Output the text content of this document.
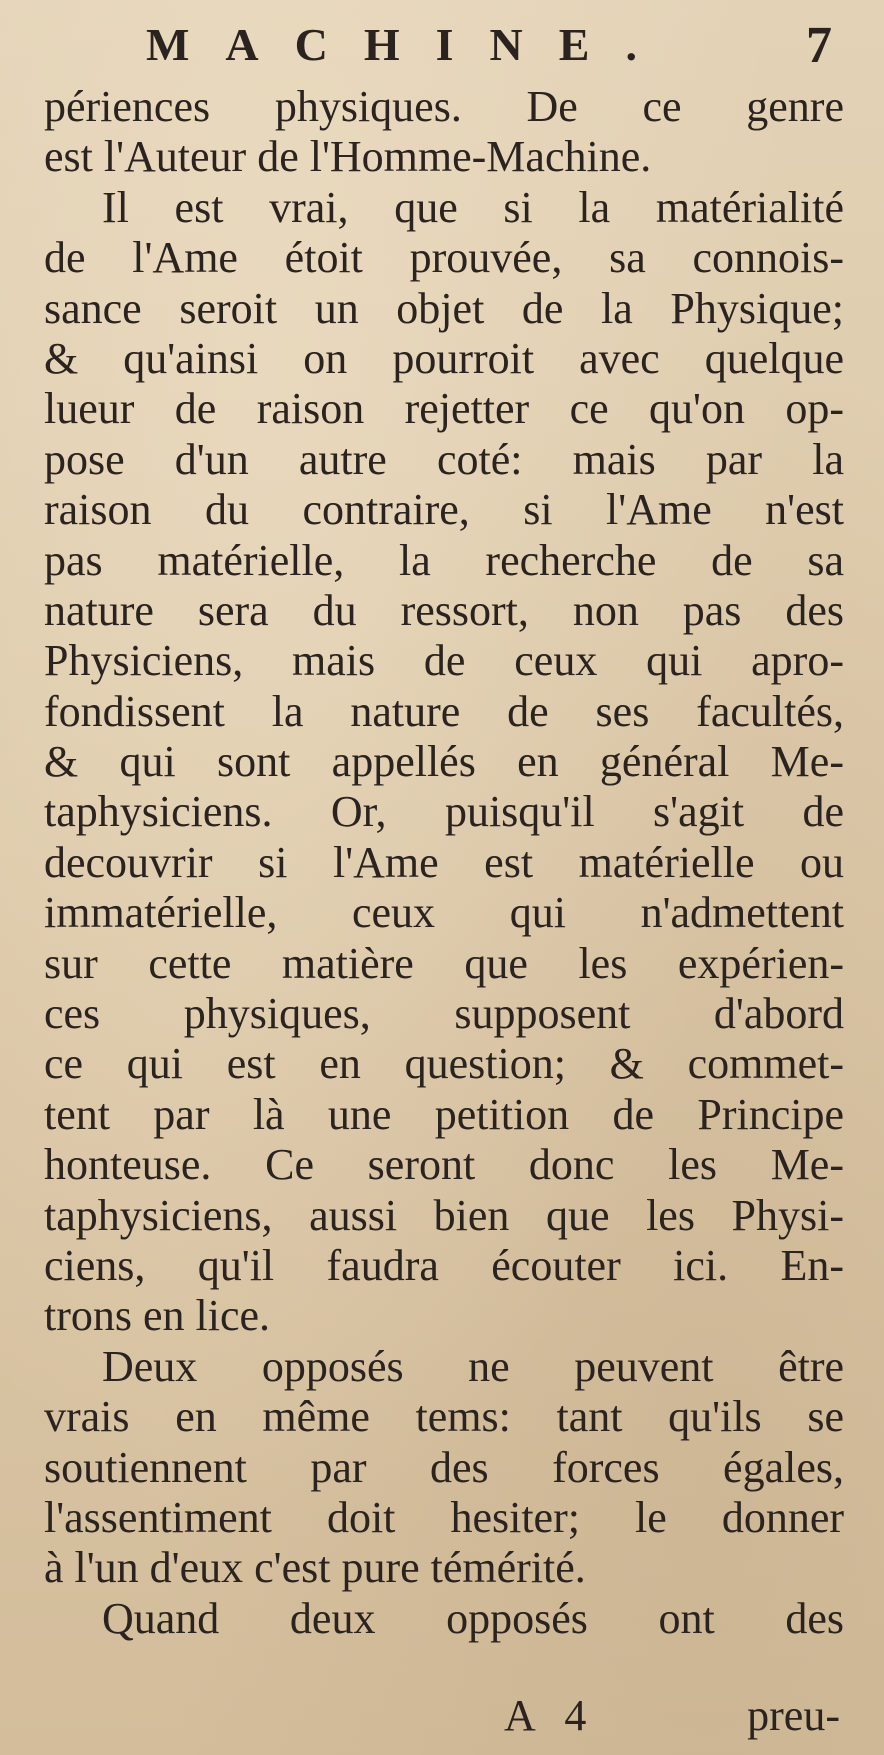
MACHINE.	7
périences physiques. De ce genre
est l'Auteur de l'Homme-Machine.
Il est vrai, que si la matérialité
de l'Ame étoit prouvée, sa connois-
sance seroit un objet de la Physique;
& qu'ainsi on pourroit avec quelque
lueur de raison rejetter ce qu'on op-
pose d'un autre coté: mais par la
raison du contraire, si l'Ame n'est
pas matérielle, la recherche de sa
nature sera du ressort, non pas des
Physiciens, mais de ceux qui apro-
fondissent la nature de ses facultés,
& qui sont appellés en général Me-
taphysiciens. Or, puisqu'il s'agit de
decouvrir si l'Ame est matérielle ou
immatérielle, ceux qui n'admettent
sur cette matière que les expérien-
ces physiques, supposent d'abord
ce qui est en question; & commet-
tent par là une petition de Principe
honteuse. Ce seront donc les Me-
taphysiciens, aussi bien que les Physi-
ciens, qu'il faudra écouter ici. En-
trons en lice.
Deux opposés ne peuvent être
vrais en même tems: tant qu'ils se
soutiennent par des forces égales,
l'assentiment doit hesiter; le donner
à l'un d'eux c'est pure témérité.
Quand deux opposés ont des
A 4	preu-
